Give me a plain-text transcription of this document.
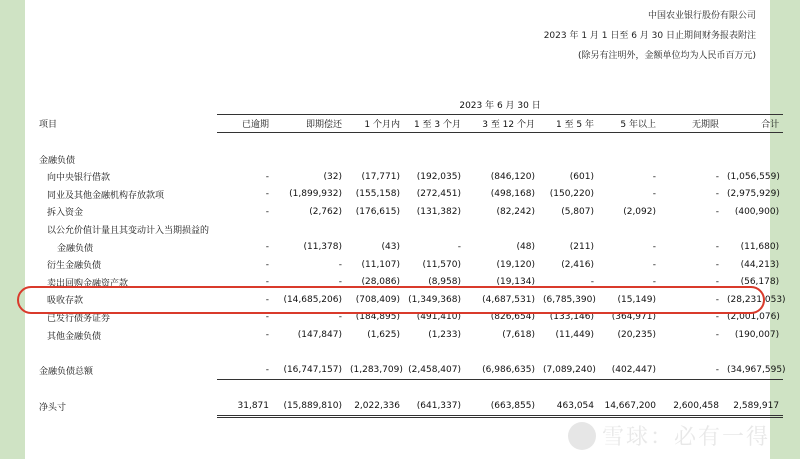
中国农业银行股份有限公司
2023 年 1 月 1 日至 6 月 30 日止期间财务报表附注
(除另有注明外，金额单位均为人民币百万元)
	2023 年 6 月 30 日								
项目	已逾期	即期偿还	1 个月内	1 至 3 个月	3 至 12 个月	1 至 5 年	5 年以上	无期限	合计

金融负债									
向中央银行借款	-	(32)	(17,771)	(192,035)	(846,120)	(601)	-	-	(1,056,559)
同业及其他金融机构存放款项	-	(1,899,932)	(155,158)	(272,451)	(498,168)	(150,220)	-	-	(2,975,929)
拆入资金	-	(2,762)	(176,615)	(131,382)	(82,242)	(5,807)	(2,092)	-	(400,900)
以公允价值计量且其变动计入当期损益的									
金融负债	-	(11,378)	(43)	-	(48)	(211)	-	-	(11,680)
衍生金融负债	-	-	(11,107)	(11,570)	(19,120)	(2,416)	-	-	(44,213)
卖出回购金融资产款	-	-	(28,086)	(8,958)	(19,134)	-	-	-	(56,178)
吸收存款	-	(14,685,206)	(708,409)	(1,349,368)	(4,687,531)	(6,785,390)	(15,149)	-	(28,231,053)
已发行债务证券	-	-	(184,895)	(491,410)	(826,654)	(133,146)	(364,971)	-	(2,001,076)
其他金融负债	-	(147,847)	(1,625)	(1,233)	(7,618)	(11,449)	(20,235)	-	(190,007)

金融负债总额	-	(16,747,157)	(1,283,709)	(2,458,407)	(6,986,635)	(7,089,240)	(402,447)	-	(34,967,595)

净头寸	31,871	(15,889,810)	2,022,336	(641,337)	(663,855)	463,054	14,667,200	2,600,458	2,589,917
雪球：必有一得
